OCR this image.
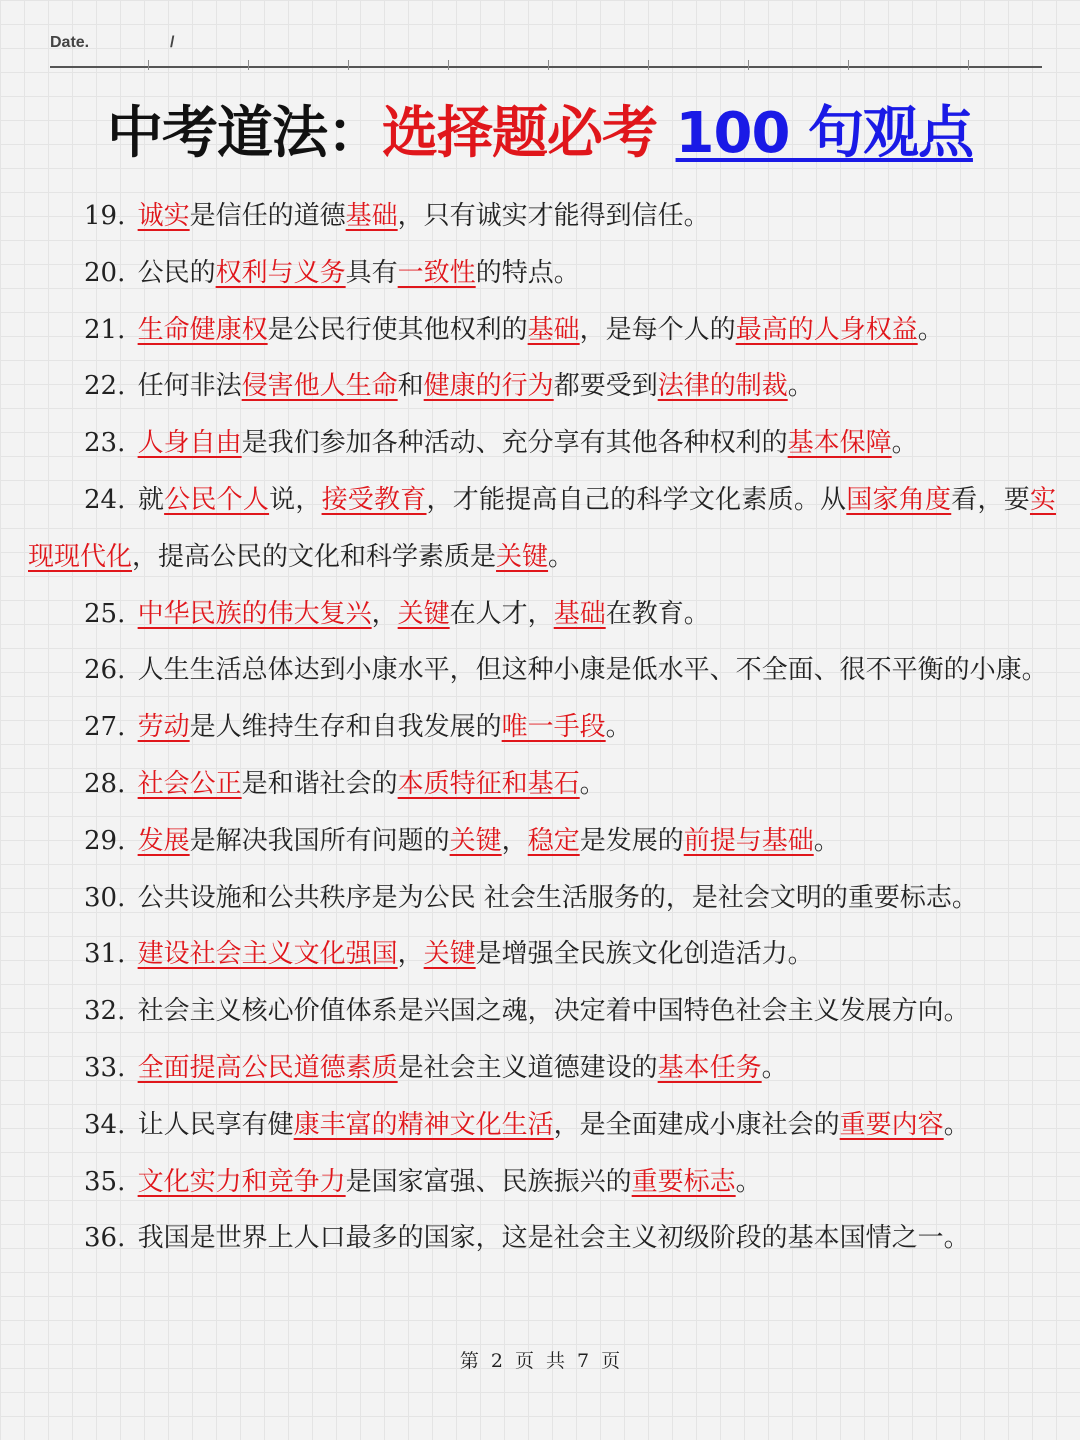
Date.	/
中考道法：选择题必考 100 句观点

19. 诚实是信任的道德基础，只有诚实才能得到信任。

20. 公民的权利与义务具有一致性的特点。

21. 生命健康权是公民行使其他权利的基础，是每个人的最高的人身权益。

22. 任何非法侵害他人生命和健康的行为都要受到法律的制裁。

23. 人身自由是我们参加各种活动、充分享有其他各种权利的基本保障。

24. 就公民个人说，接受教育，才能提高自己的科学文化素质。从国家角度看，要实现现代化，提高公民的文化和科学素质是关键。

25. 中华民族的伟大复兴，关键在人才，基础在教育。

26. 人生生活总体达到小康水平，但这种小康是低水平、不全面、很不平衡的小康。

27. 劳动是人维持生存和自我发展的唯一手段。

28. 社会公正是和谐社会的本质特征和基石。

29. 发展是解决我国所有问题的关键，稳定是发展的前提与基础。

30. 公共设施和公共秩序是为公民 社会生活服务的，是社会文明的重要标志。

31. 建设社会主义文化强国，关键是增强全民族文化创造活力。

32. 社会主义核心价值体系是兴国之魂，决定着中国特色社会主义发展方向。

33. 全面提高公民道德素质是社会主义道德建设的基本任务。

34. 让人民享有健康丰富的精神文化生活，是全面建成小康社会的重要内容。

35. 文化实力和竞争力是国家富强、民族振兴的重要标志。

36. 我国是世界上人口最多的国家，这是社会主义初级阶段的基本国情之一。

第 2 页 共 7 页
